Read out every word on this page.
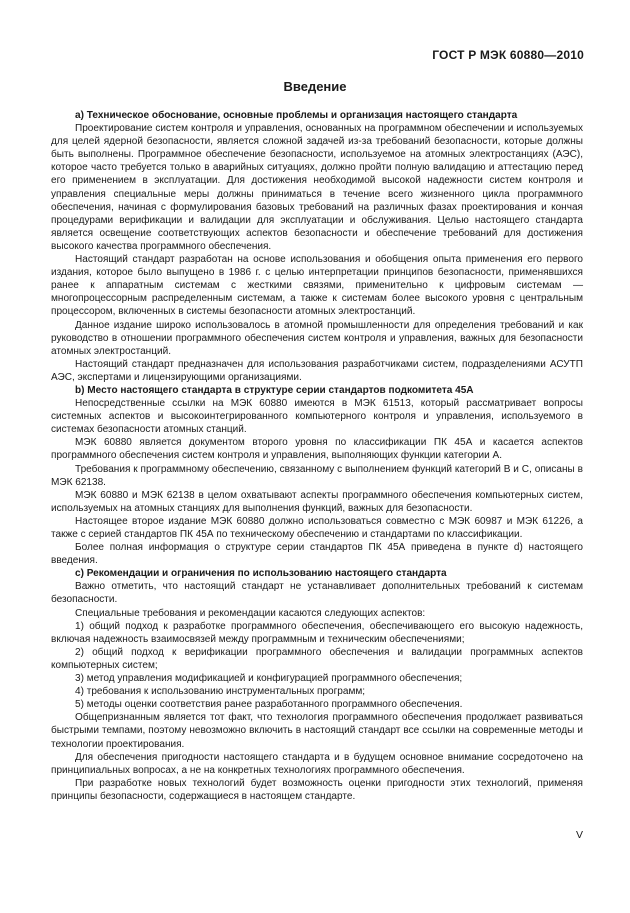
ГОСТ Р МЭК 60880—2010
Введение

а) Техническое обоснование, основные проблемы и организация настоящего стандарта

Проектирование систем контроля и управления, основанных на программном обеспечении и используемых для целей ядерной безопасности, является сложной задачей из-за требований безопасности, которые должны быть выполнены. Программное обеспечение безопасности, используемое на атомных электростанциях (АЭС), которое часто требуется только в аварийных ситуациях, должно пройти полную валидацию и аттестацию перед его применением в эксплуатации. Для достижения необходимой высокой надежности систем контроля и управления специальные меры должны приниматься в течение всего жизненного цикла программного обеспечения, начиная с формулирования базовых требований на различных фазах проектирования и кончая процедурами верификации и валидации для эксплуатации и обслуживания. Целью настоящего стандарта является освещение соответствующих аспектов безопасности и обеспечение требований для достижения высокого качества программного обеспечения.

Настоящий стандарт разработан на основе использования и обобщения опыта применения его первого издания, которое было выпущено в 1986 г. с целью интерпретации принципов безопасности, применявшихся ранее к аппаратным системам с жесткими связями, применительно к цифровым системам — многопроцессорным распределенным системам, а также к системам более высокого уровня с центральным процессором, включенных в системы безопасности атомных электростанций.

Данное издание широко использовалось в атомной промышленности для определения требований и как руководство в отношении программного обеспечения систем контроля и управления, важных для безопасности атомных электростанций.

Настоящий стандарт предназначен для использования разработчиками систем, подразделениями АСУТП АЭС, экспертами и лицензирующими организациями.

b) Место настоящего стандарта в структуре серии стандартов подкомитета 45А

Непосредственные ссылки на МЭК 60880 имеются в МЭК 61513, который рассматривает вопросы системных аспектов и высокоинтегрированного компьютерного контроля и управления, используемого в системах безопасности атомных станций.

МЭК 60880 является документом второго уровня по классификации ПК 45А и касается аспектов программного обеспечения систем контроля и управления, выполняющих функции категории А.

Требования к программному обеспечению, связанному с выполнением функций категорий В и С, описаны в МЭК 62138.

МЭК 60880 и МЭК 62138 в целом охватывают аспекты программного обеспечения компьютерных систем, используемых на атомных станциях для выполнения функций, важных для безопасности.

Настоящее второе издание МЭК 60880 должно использоваться совместно с МЭК 60987 и МЭК 61226, а также с серией стандартов ПК 45А по техническому обеспечению и стандартами по классификации.

Более полная информация о структуре серии стандартов ПК 45А приведена в пункте d) настоящего введения.

с) Рекомендации и ограничения по использованию настоящего стандарта

Важно отметить, что настоящий стандарт не устанавливает дополнительных требований к системам безопасности.

Специальные требования и рекомендации касаются следующих аспектов:

1) общий подход к разработке программного обеспечения, обеспечивающего его высокую надежность, включая надежность взаимосвязей между программным и техническим обеспечениями;

2) общий подход к верификации программного обеспечения и валидации программных аспектов компьютерных систем;

3) метод управления модификацией и конфигурацией программного обеспечения;

4) требования к использованию инструментальных программ;

5) методы оценки соответствия ранее разработанного программного обеспечения.

Общепризнанным является тот факт, что технология программного обеспечения продолжает развиваться быстрыми темпами, поэтому невозможно включить в настоящий стандарт все ссылки на современные методы и технологии проектирования.

Для обеспечения пригодности настоящего стандарта и в будущем основное внимание сосредоточено на принципиальных вопросах, а не на конкретных технологиях программного обеспечения.

При разработке новых технологий будет возможность оценки пригодности этих технологий, применяя принципы безопасности, содержащиеся в настоящем стандарте.

V
